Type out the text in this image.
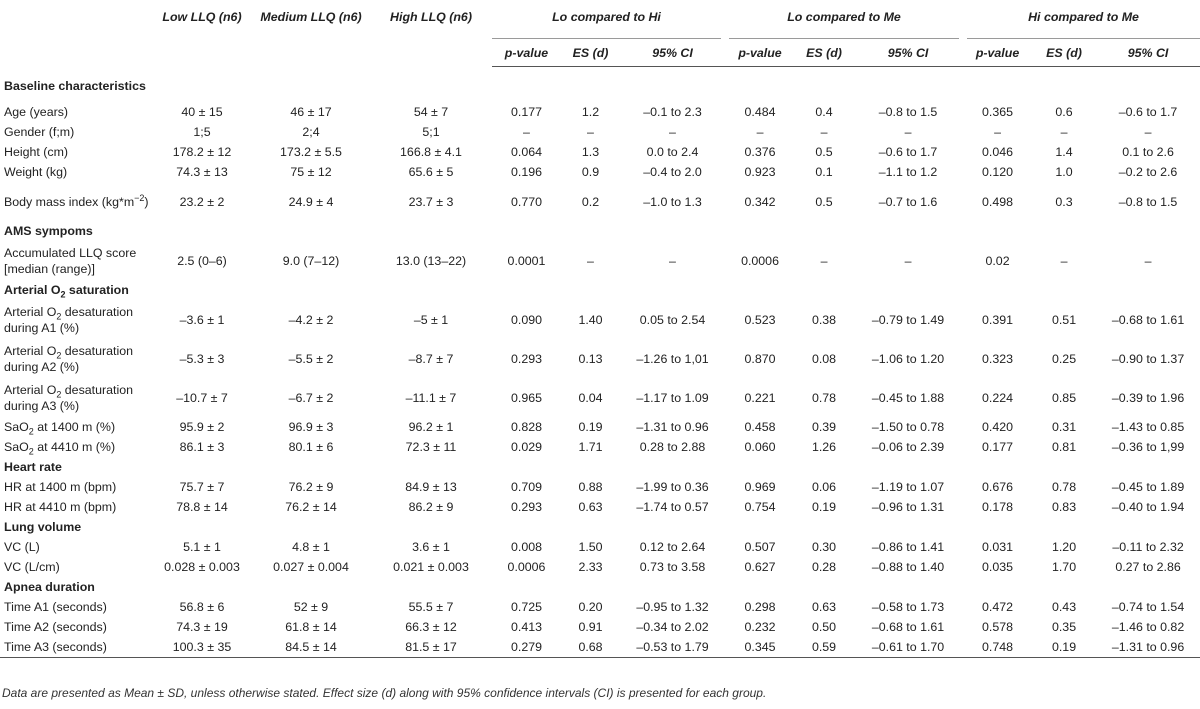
	Low LLQ (n6)	Medium LLQ (n6)	High LLQ (n6)	Lo compared to Hi			Lo compared to Me			Hi compared to Me		
				p-value	ES (d)	95% CI	p-value	ES (d)	95% CI	p-value	ES (d)	95% CI
Baseline characteristics												
Age (years)	40 ± 15	46 ± 17	54 ± 7	0.177	1.2	–0.1 to 2.3	0.484	0.4	–0.8 to 1.5	0.365	0.6	–0.6 to 1.7
Gender (f;m)	1;5	2;4	5;1	–	–	–	–	–	–	–	–	–
Height (cm)	178.2 ± 12	173.2 ± 5.5	166.8 ± 4.1	0.064	1.3	0.0 to 2.4	0.376	0.5	–0.6 to 1.7	0.046	1.4	0.1 to 2.6
Weight (kg)	74.3 ± 13	75 ± 12	65.6 ± 5	0.196	0.9	–0.4 to 2.0	0.923	0.1	–1.1 to 1.2	0.120	1.0	–0.2 to 2.6
Body mass index $(kg*m^{-2})$	23.2 ± 2	24.9 ± 4	23.7 ± 3	0.770	0.2	–1.0 to 1.3	0.342	0.5	–0.7 to 1.6	0.498	0.3	–0.8 to 1.5
AMS sympoms												
Accumulated LLQ score [median (range)]	2.5 (0–6)	9.0 (7–12)	13.0 (13–22)	0.0001	–	–	0.0006	–	–	0.02	–	–
Arterial $O_2$ saturation												
Arterial $O_2$ desaturation during A1 (%)	–3.6 ± 1	–4.2 ± 2	–5 ± 1	0.090	1.40	0.05 to 2.54	0.523	0.38	–0.79 to 1.49	0.391	0.51	–0.68 to 1.61
Arterial $O_2$ desaturation during A2 (%)	–5.3 ± 3	–5.5 ± 2	–8.7 ± 7	0.293	0.13	–1.26 to 1,01	0.870	0.08	–1.06 to 1.20	0.323	0.25	–0.90 to 1.37
Arterial $O_2$ desaturation during A3 (%)	–10.7 ± 7	–6.7 ± 2	–11.1 ± 7	0.965	0.04	–1.17 to 1.09	0.221	0.78	–0.45 to 1.88	0.224	0.85	–0.39 to 1.96
SaO$_2$ at 1400 m (%)	95.9 ± 2	96.9 ± 3	96.2 ± 1	0.828	0.19	–1.31 to 0.96	0.458	0.39	–1.50 to 0.78	0.420	0.31	–1.43 to 0.85
SaO$_2$ at 4410 m (%)	86.1 ± 3	80.1 ± 6	72.3 ± 11	0.029	1.71	0.28 to 2.88	0.060	1.26	–0.06 to 2.39	0.177	0.81	–0.36 to 1,99
Heart rate												
HR at 1400 m (bpm)	75.7 ± 7	76.2 ± 9	84.9 ± 13	0.709	0.88	–1.99 to 0.36	0.969	0.06	–1.19 to 1.07	0.676	0.78	–0.45 to 1.89
HR at 4410 m (bpm)	78.8 ± 14	76.2 ± 14	86.2 ± 9	0.293	0.63	–1.74 to 0.57	0.754	0.19	–0.96 to 1.31	0.178	0.83	–0.40 to 1.94
Lung volume												
VC (L)	5.1 ± 1	4.8 ± 1	3.6 ± 1	0.008	1.50	0.12 to 2.64	0.507	0.30	–0.86 to 1.41	0.031	1.20	–0.11 to 2.32
VC (L/cm)	0.028 ± 0.003	0.027 ± 0.004	0.021 ± 0.003	0.0006	2.33	0.73 to 3.58	0.627	0.28	–0.88 to 1.40	0.035	1.70	0.27 to 2.86
Apnea duration												
Time A1 (seconds)	56.8 ± 6	52 ± 9	55.5 ± 7	0.725	0.20	–0.95 to 1.32	0.298	0.63	–0.58 to 1.73	0.472	0.43	–0.74 to 1.54
Time A2 (seconds)	74.3 ± 19	61.8 ± 14	66.3 ± 12	0.413	0.91	–0.34 to 2.02	0.232	0.50	–0.68 to 1.61	0.578	0.35	–1.46 to 0.82
Time A3 (seconds)	100.3 ± 35	84.5 ± 14	81.5 ± 17	0.279	0.68	–0.53 to 1.79	0.345	0.59	–0.61 to 1.70	0.748	0.19	–1.31 to 0.96
Data are presented as Mean ± SD, unless otherwise stated. Effect size (d) along with 95% confidence intervals (CI) is presented for each group.
